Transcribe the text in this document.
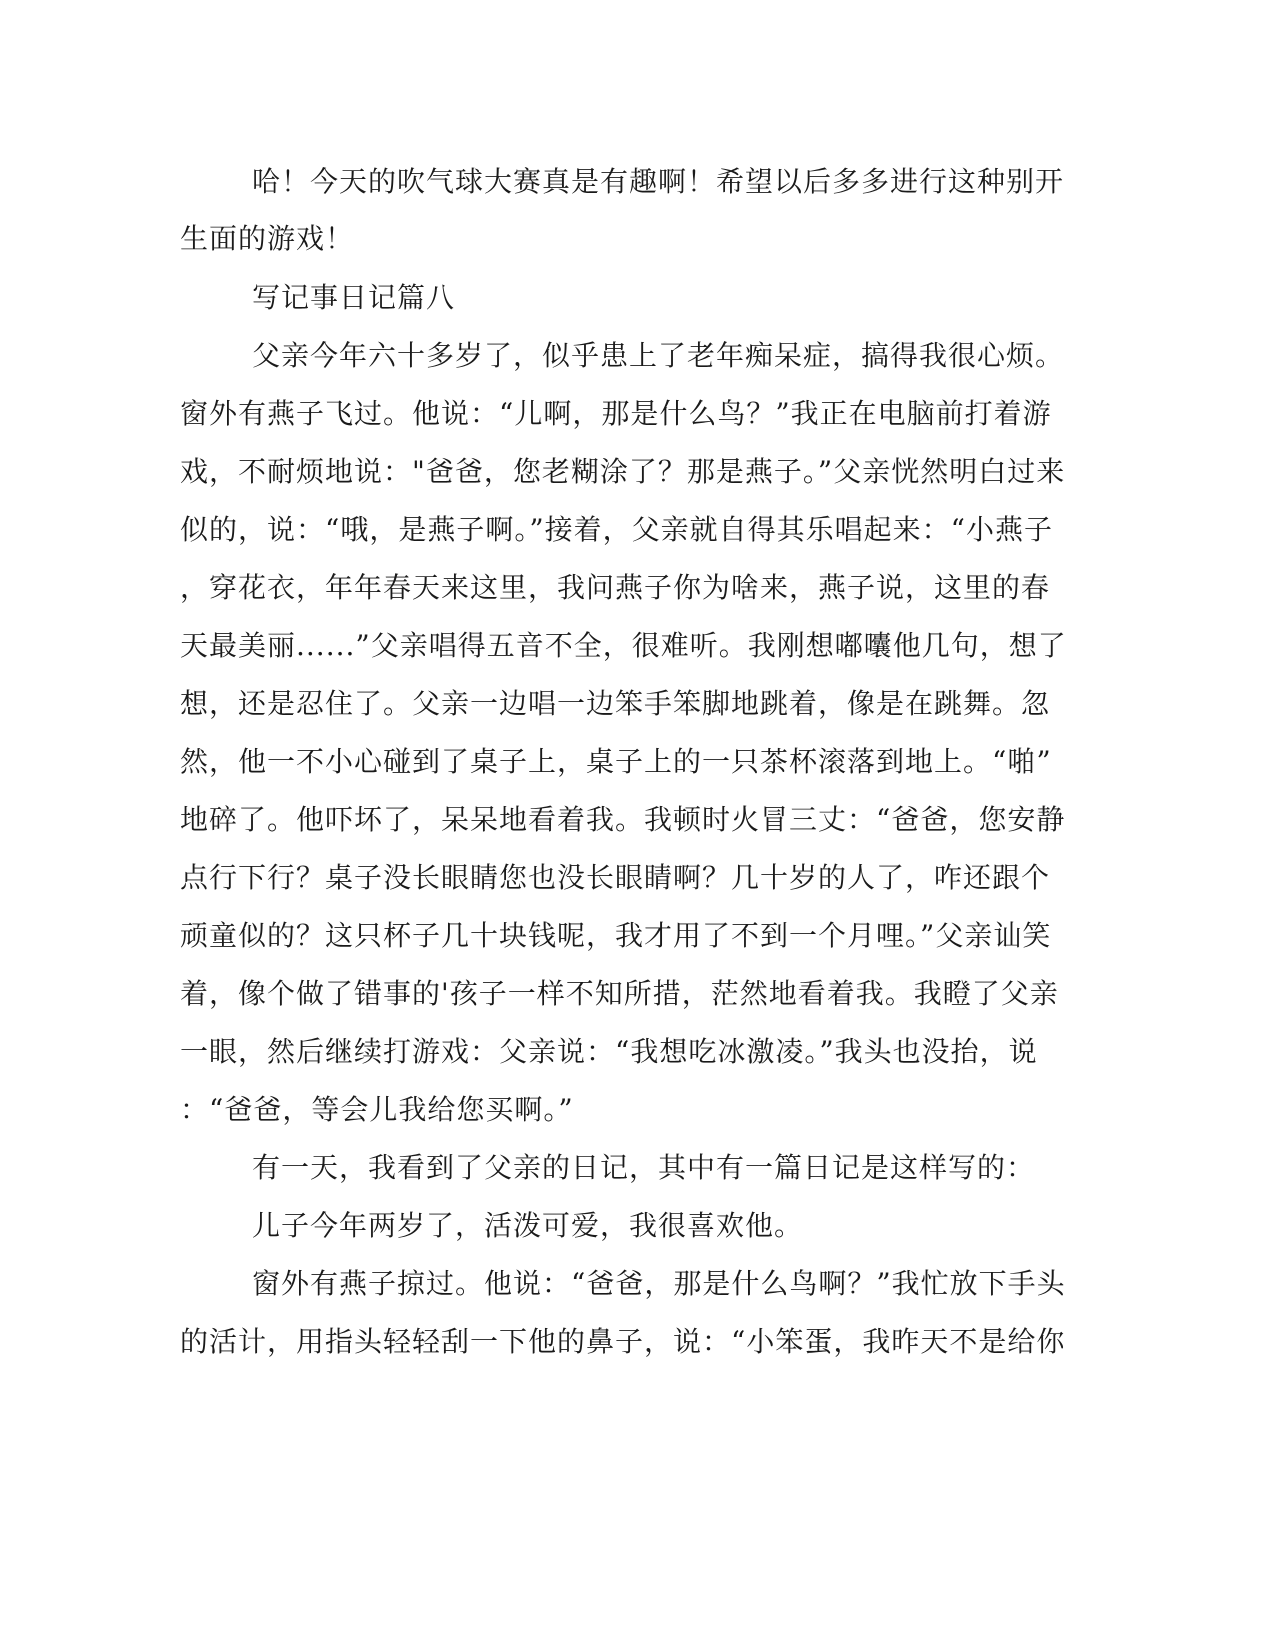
哈！今天的吹气球大赛真是有趣啊！希望以后多多进行这种别开
生面的游戏！
写记事日记篇八
父亲今年六十多岁了，似乎患上了老年痴呆症，搞得我很心烦。
窗外有燕子飞过。他说：“儿啊，那是什么鸟？”我正在电脑前打着游
戏，不耐烦地说："爸爸，您老糊涂了？那是燕子。”父亲恍然明白过来
似的，说：“哦，是燕子啊。”接着，父亲就自得其乐唱起来：“小燕子
，穿花衣，年年春天来这里，我问燕子你为啥来，燕子说，这里的春
天最美丽......”父亲唱得五音不全，很难听。我刚想嘟囔他几句，想了
想，还是忍住了。父亲一边唱一边笨手笨脚地跳着，像是在跳舞。忽
然，他一不小心碰到了桌子上，桌子上的一只茶杯滚落到地上。“啪”
地碎了。他吓坏了，呆呆地看着我。我顿时火冒三丈：“爸爸，您安静
点行下行？桌子没长眼睛您也没长眼睛啊？几十岁的人了，咋还跟个
顽童似的？这只杯子几十块钱呢，我才用了不到一个月哩。”父亲讪笑
着，像个做了错事的'孩子一样不知所措，茫然地看着我。我瞪了父亲
一眼，然后继续打游戏：父亲说：“我想吃冰激凌。”我头也没抬，说
：“爸爸，等会儿我给您买啊。”
有一天，我看到了父亲的日记，其中有一篇日记是这样写的：
儿子今年两岁了，活泼可爱，我很喜欢他。
窗外有燕子掠过。他说：“爸爸，那是什么鸟啊？”我忙放下手头
的活计，用指头轻轻刮一下他的鼻子，说：“小笨蛋，我昨天不是给你
